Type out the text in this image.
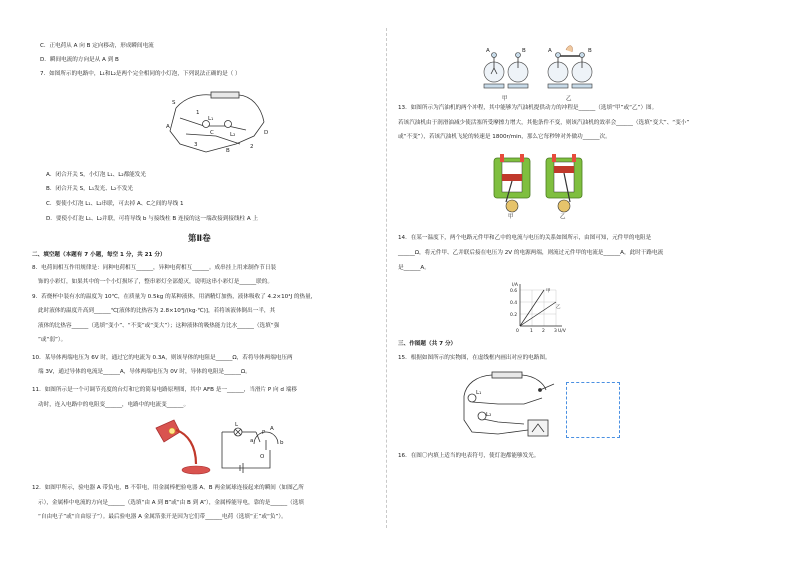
C．正电荷从 A 向 B 定向移动，形成瞬间电流
D．瞬间电流的方向是从 A 到 B
7．如图所示的电路中，L₁和L₂是两个完全相同的小灯泡，下列说法正确的是（ ）
S
L₁
L₂
A
B
C	D
1
2
3
A．闭合开关 S，小灯泡 L₁、L₂都能发光
B．闭合开关 S，L₁发光、L₂不发光
C．要使小灯泡 L₁、L₂串联，可去掉 A、C之间的导线 1
D．要使小灯泡 L₁、L₂并联，可将导线 b 与接线柱 B 连接的这一端改接到接线柱 A 上
第Ⅱ卷
二、填空题（本题有 7 小题，每空 1 分，共 21 分）
8．电荷间相互作用规律是：同种电荷相互______，异种电荷相互______。成串挂上用来制作节日装
饰的小彩灯，如果其中的一个小灯损坏了，整串彩灯全部熄灭，说明这串小彩灯是______联的。
9．若烧杯中装有水的温度为 10℃，在质量为 0.5kg 的某种液体，用酒精灯加热，液体吸收了 4.2×10⁴J 的热量，
此时液体的温度升高到______℃[液体的比热容为 2.8×10³J/(kg·℃)]，若将该液体倒出一半，其
液体的比热容______（选填“变小”、“不变”或“变大”）；这种液体的吸热能力比水______（选填“强
”或“弱”）。
10．某导体两端电压为 6V 时，通过它的电流为 0.3A，则该导体的电阻是______Ω，若将导体两端电压两
端 3V，通过导体的电流是______A，导体两端电压为 0V 时，导体的电阻是______Ω。
11．如图所示是一个可调节亮度的台灯和它的简易电路原理图，其中 AFB 是一______，当滑片 P 向 d 端移
动时，连入电路中的电阻变______，电路中的电流变______。
L
a
P
A
b
O
12．如图甲所示，验电器 A 带负电，B 不带电，用金属棒把验电器 A、B 两金属球连接起来的瞬间（如图乙所
示），金属棒中电流的方向是______（选填“由 A 到 B”或“由 B 到 A”），金属棒能导电，靠的是______（选填
“自由电子”或“自由原子”）。最后验电器 A 金属箔张开是因为它们带______电荷（选填“正”或“负”）。
A	B	A	B
甲	乙
13．如图所示为汽油机的两个冲程，其中能够为汽油机提供动力的冲程是______（选填“甲”或“乙”）图。
若该汽油机由于润滑油减少使活塞所受摩擦力增大，其他条件不变，则该汽油机的效率会______（选填“变大”、“变小”
或“不变”），若该汽油机飞轮的转速是 1800r/min，那么它每秒钟对外做功______次。
甲	乙
14．在某一温度下，两个电路元件甲和乙中的电流与电压的关系如图所示，由图可知，元件甲的电阻是
______Ω，将元件甲、乙并联后接在电压为 2V 的电源两端，则流过元件甲的电流是______A，此时干路电流
是______A。
I/A
U/V
甲
乙
0.6
0.4
0.2
1 2 3
0
三、作图题（共 7 分）
15．根据如图所示的实物图，在虚线框内画出对应的电路图。
L₁
L₂
16．在图〇内填上适当的电表符号，使灯泡都能够发光。
